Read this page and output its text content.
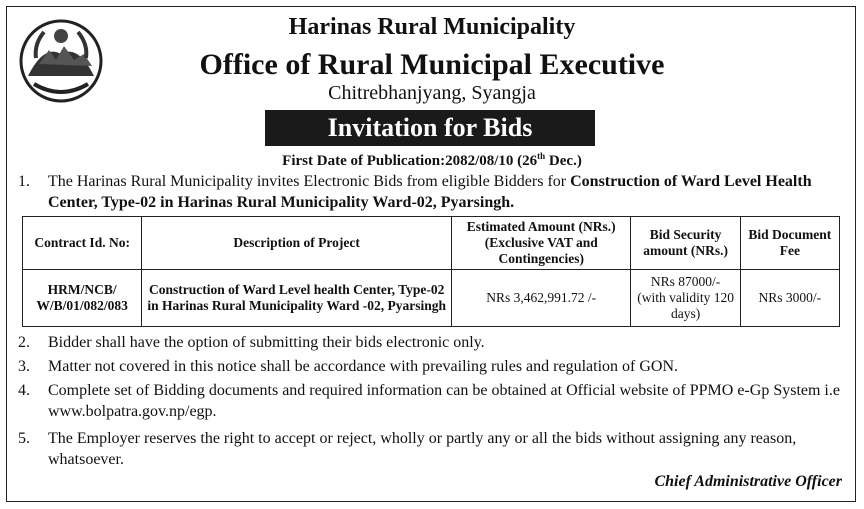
Harinas Rural Municipality
Office of Rural Municipal Executive
Chitrebhanjyang, Syangja
Invitation for Bids
First Date of Publication:2082/08/10 (26th Dec.)
1. The Harinas Rural Municipality invites Electronic Bids from eligible Bidders for Construction of Ward Level Health Center, Type-02 in Harinas Rural Municipality Ward-02, Pyarsingh.
Contract Id. No:	Description of Project	Estimated Amount (NRs.) (Exclusive VAT and Contingencies)	Bid Security amount (NRs.)	Bid Document Fee
HRM/NCB/ W/B/01/082/083	Construction of Ward Level health Center, Type-02 in Harinas Rural Municipality Ward -02, Pyarsingh	NRs 3,462,991.72 /-	NRs 87000/- (with validity 120 days)	NRs 3000/-
2. Bidder shall have the option of submitting their bids electronic only.
3. Matter not covered in this notice shall be accordance with prevailing rules and regulation of GON.
4. Complete set of Bidding documents and required information can be obtained at Official website of PPMO e-Gp System i.e www.bolpatra.gov.np/egp.
5. The Employer reserves the right to accept or reject, wholly or partly any or all the bids without assigning any reason, whatsoever.
Chief Administrative Officer
